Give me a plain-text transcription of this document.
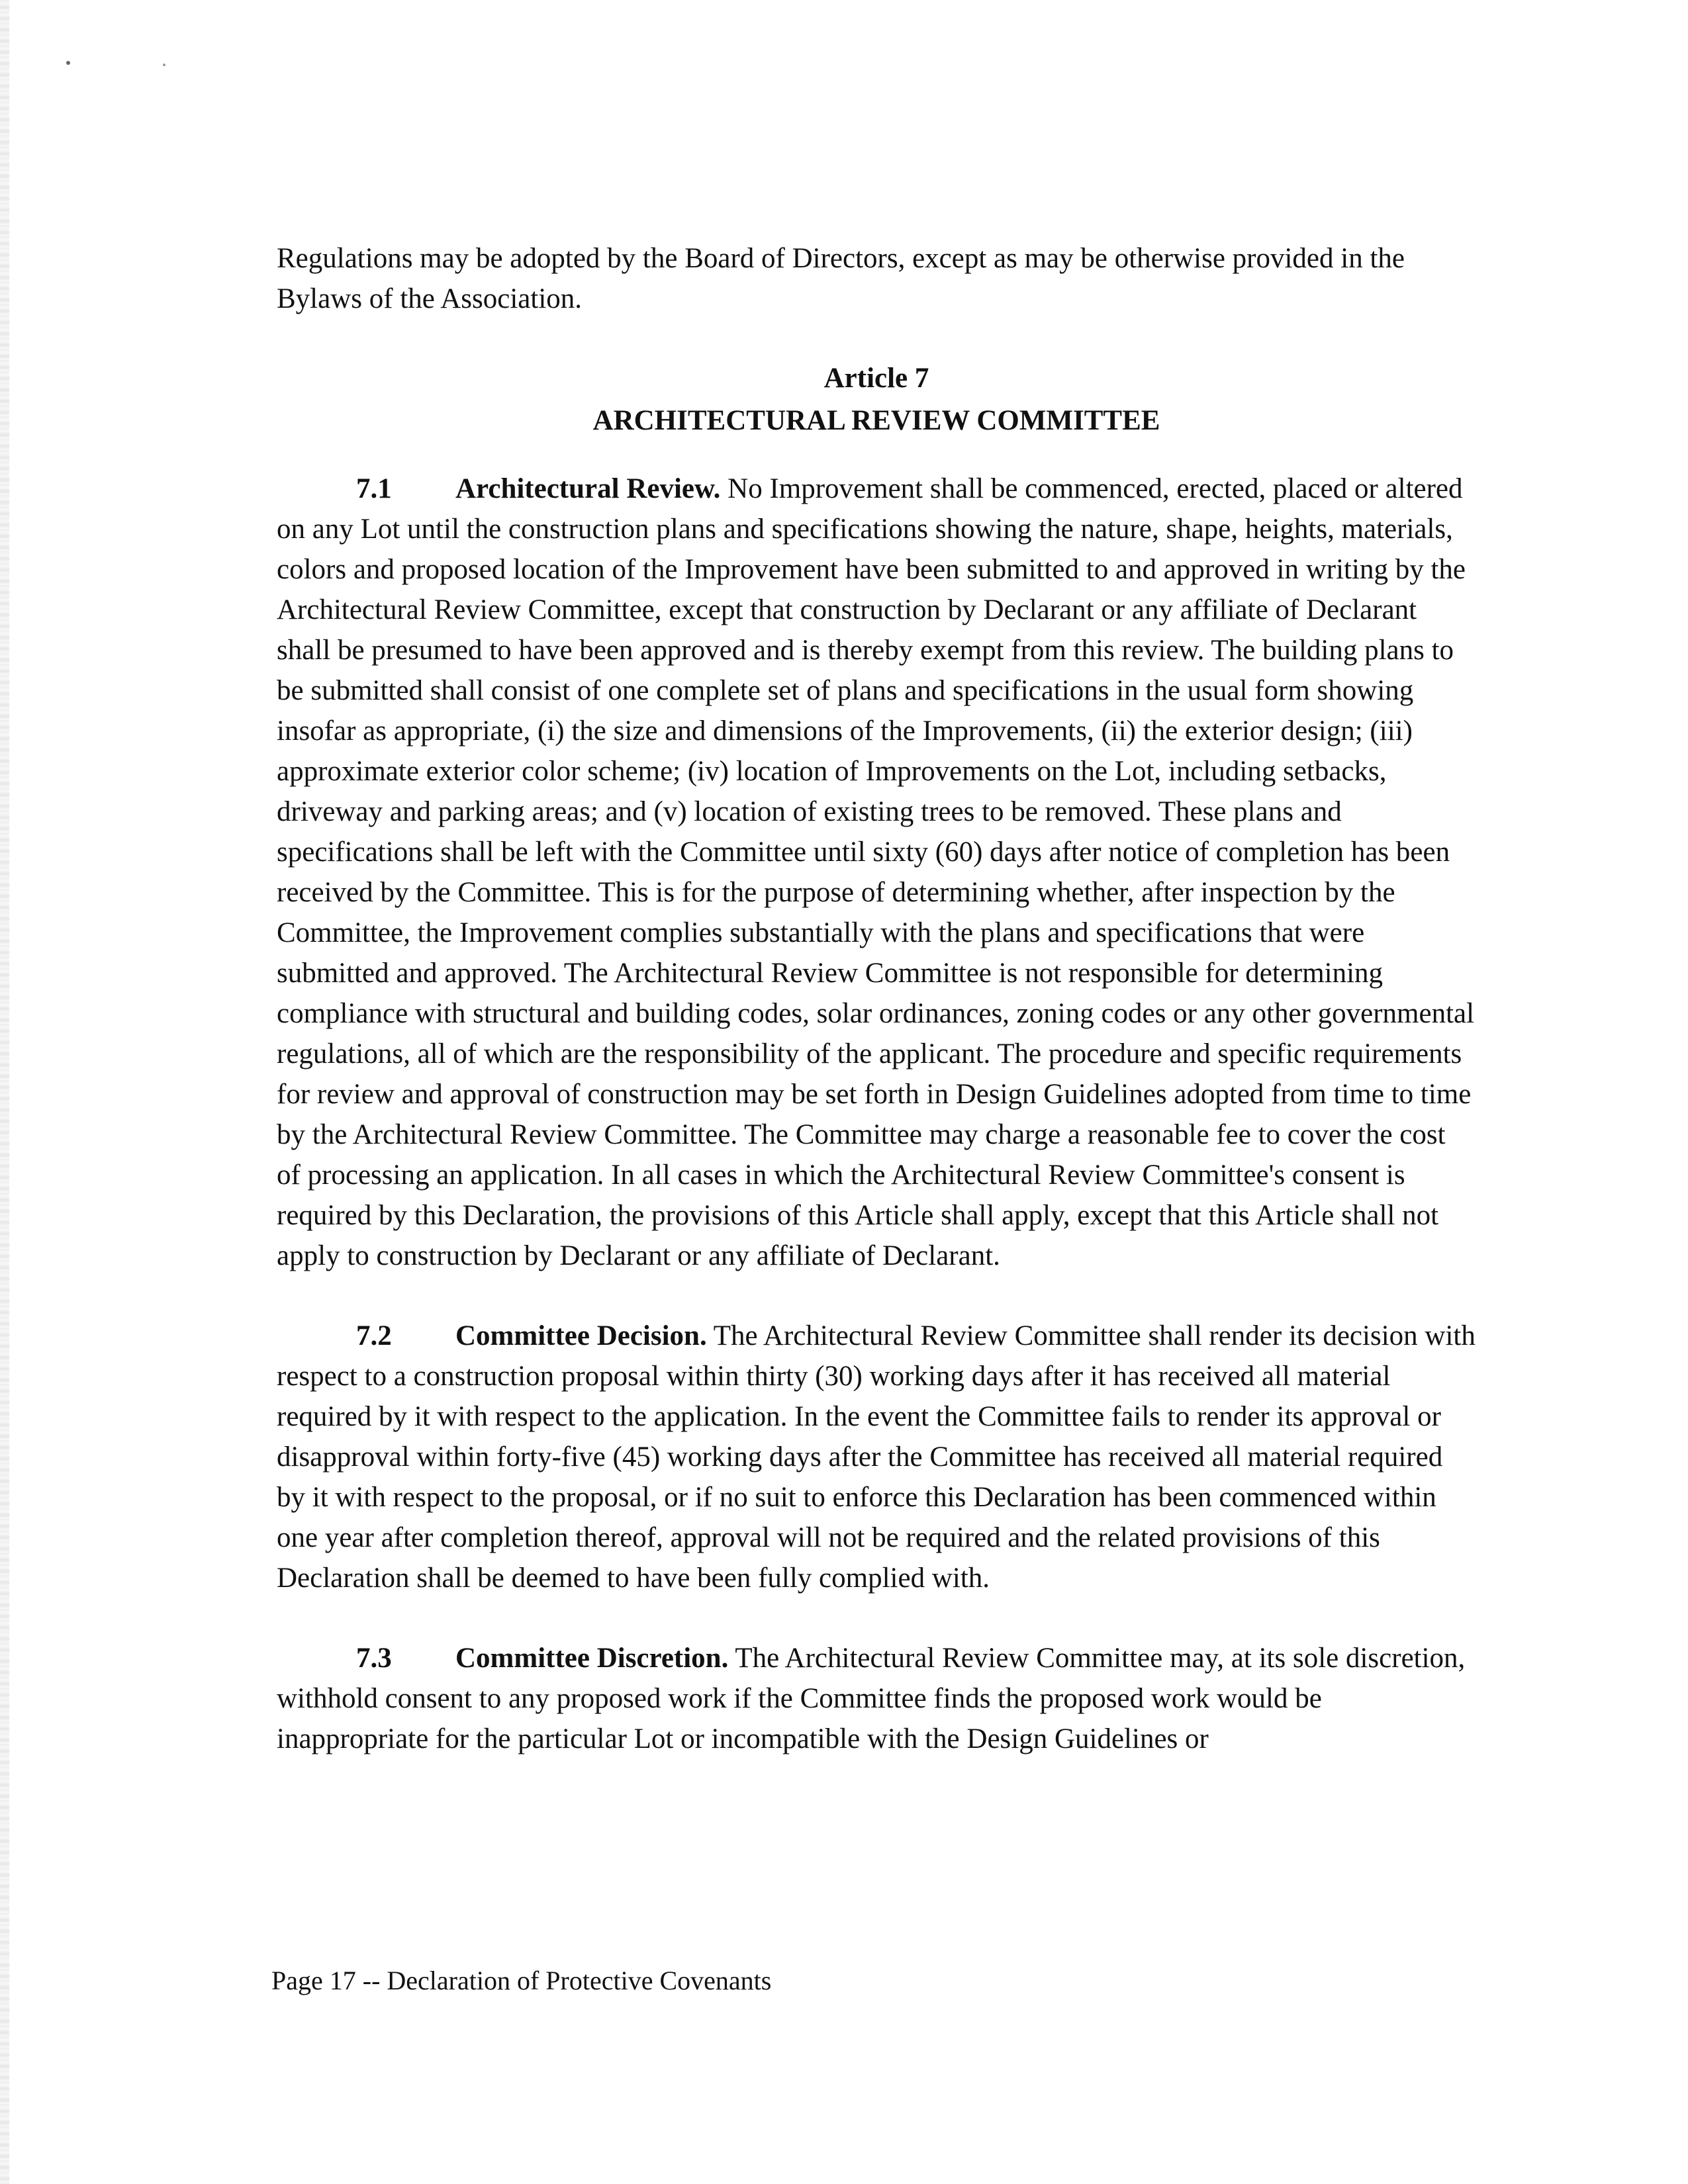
Regulations may be adopted by the Board of Directors, except as may be otherwise provided in the Bylaws of the Association.

Article 7
ARCHITECTURAL REVIEW COMMITTEE

7.1 Architectural Review. No Improvement shall be commenced, erected, placed or altered on any Lot until the construction plans and specifications showing the nature, shape, heights, materials, colors and proposed location of the Improvement have been submitted to and approved in writing by the Architectural Review Committee, except that construction by Declarant or any affiliate of Declarant shall be presumed to have been approved and is thereby exempt from this review. The building plans to be submitted shall consist of one complete set of plans and specifications in the usual form showing insofar as appropriate, (i) the size and dimensions of the Improvements, (ii) the exterior design; (iii) approximate exterior color scheme; (iv) location of Improvements on the Lot, including setbacks, driveway and parking areas; and (v) location of existing trees to be removed. These plans and specifications shall be left with the Committee until sixty (60) days after notice of completion has been received by the Committee. This is for the purpose of determining whether, after inspection by the Committee, the Improvement complies substantially with the plans and specifications that were submitted and approved. The Architectural Review Committee is not responsible for determining compliance with structural and building codes, solar ordinances, zoning codes or any other governmental regulations, all of which are the responsibility of the applicant. The procedure and specific requirements for review and approval of construction may be set forth in Design Guidelines adopted from time to time by the Architectural Review Committee. The Committee may charge a reasonable fee to cover the cost of processing an application. In all cases in which the Architectural Review Committee's consent is required by this Declaration, the provisions of this Article shall apply, except that this Article shall not apply to construction by Declarant or any affiliate of Declarant.

7.2 Committee Decision. The Architectural Review Committee shall render its decision with respect to a construction proposal within thirty (30) working days after it has received all material required by it with respect to the application. In the event the Committee fails to render its approval or disapproval within forty-five (45) working days after the Committee has received all material required by it with respect to the proposal, or if no suit to enforce this Declaration has been commenced within one year after completion thereof, approval will not be required and the related provisions of this Declaration shall be deemed to have been fully complied with.

7.3 Committee Discretion. The Architectural Review Committee may, at its sole discretion, withhold consent to any proposed work if the Committee finds the proposed work would be inappropriate for the particular Lot or incompatible with the Design Guidelines or

Page 17 -- Declaration of Protective Covenants
